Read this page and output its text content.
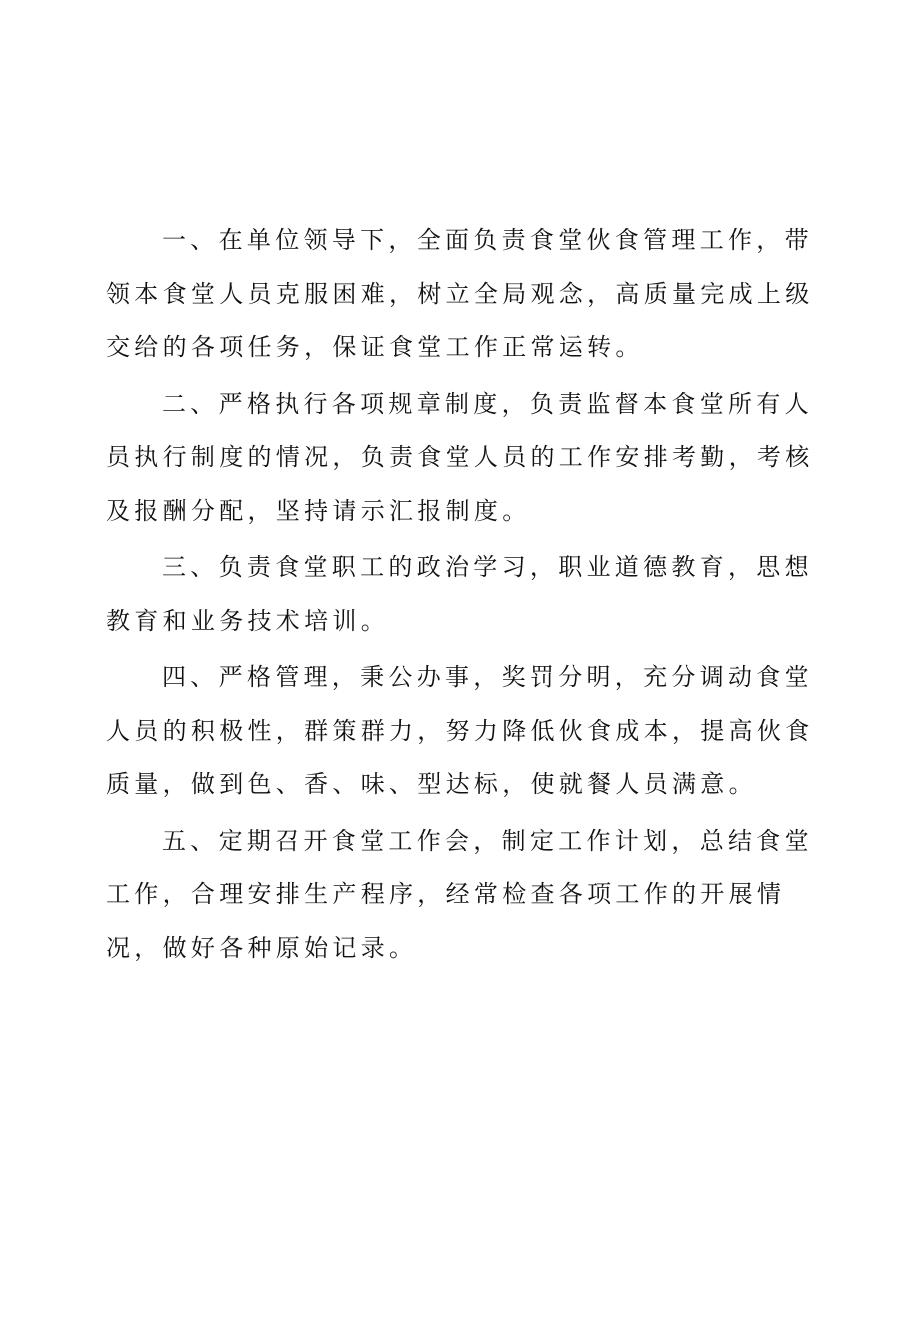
一、在单位领导下，全面负责食堂伙食管理工作，带领本食堂人员克服困难，树立全局观念，高质量完成上级交给的各项任务，保证食堂工作正常运转。

二、严格执行各项规章制度，负责监督本食堂所有人员执行制度的情况，负责食堂人员的工作安排考勤，考核及报酬分配，坚持请示汇报制度。

三、负责食堂职工的政治学习，职业道德教育，思想教育和业务技术培训。

四、严格管理，秉公办事，奖罚分明，充分调动食堂人员的积极性，群策群力，努力降低伙食成本，提高伙食质量，做到色、香、味、型达标，使就餐人员满意。

五、定期召开食堂工作会，制定工作计划，总结食堂工作，合理安排生产程序，经常检查各项工作的开展情况，做好各种原始记录。
